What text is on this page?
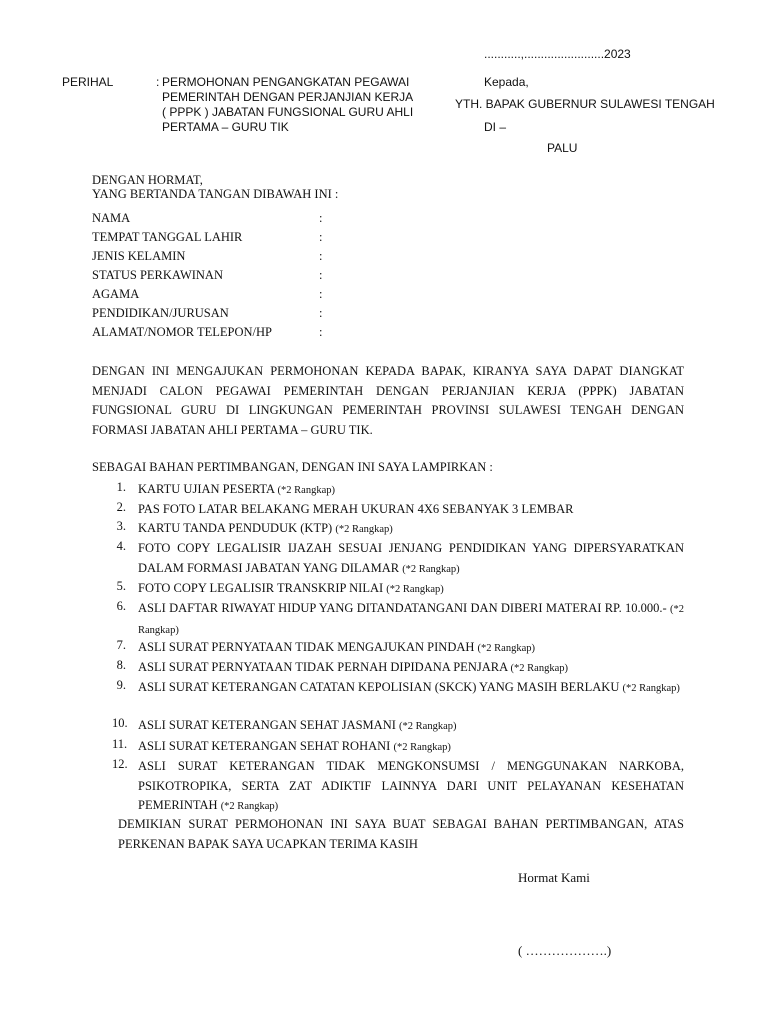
...........,........................2023
PERIHAL	: PERMOHONAN PENGANGKATAN PEGAWAI
PEMERINTAH DENGAN PERJANJIAN KERJA
( PPPK ) JABATAN FUNGSIONAL GURU AHLI
PERTAMA – GURU TIK
Kepada,
YTH. BAPAK GUBERNUR SULAWESI TENGAH
DI –
PALU
DENGAN HORMAT,
YANG BERTANDA TANGAN DIBAWAH INI :
NAMA	:
TEMPAT TANGGAL LAHIR	:
JENIS KELAMIN	:
STATUS PERKAWINAN	:
AGAMA	:
PENDIDIKAN/JURUSAN	:
ALAMAT/NOMOR TELEPON/HP	:
DENGAN INI MENGAJUKAN PERMOHONAN KEPADA BAPAK, KIRANYA SAYA DAPAT DIANGKAT MENJADI CALON PEGAWAI PEMERINTAH DENGAN PERJANJIAN KERJA (PPPK) JABATAN FUNGSIONAL GURU DI LINGKUNGAN PEMERINTAH PROVINSI SULAWESI TENGAH DENGAN FORMASI JABATAN AHLI PERTAMA – GURU TIK.
SEBAGAI BAHAN PERTIMBANGAN, DENGAN INI SAYA LAMPIRKAN :
1. KARTU UJIAN PESERTA (*2 Rangkap)
2. PAS FOTO LATAR BELAKANG MERAH UKURAN 4X6 SEBANYAK 3 LEMBAR
3. KARTU TANDA PENDUDUK (KTP) (*2 Rangkap)
4. FOTO COPY LEGALISIR IJAZAH SESUAI JENJANG PENDIDIKAN YANG DIPERSYARATKAN DALAM FORMASI JABATAN YANG DILAMAR (*2 Rangkap)
5. FOTO COPY LEGALISIR TRANSKRIP NILAI (*2 Rangkap)
6. ASLI DAFTAR RIWAYAT HIDUP YANG DITANDATANGANI DAN DIBERI MATERAI RP. 10.000.- (*2 Rangkap)
7. ASLI SURAT PERNYATAAN TIDAK MENGAJUKAN PINDAH (*2 Rangkap)
8. ASLI SURAT PERNYATAAN TIDAK PERNAH DIPIDANA PENJARA (*2 Rangkap)
9. ASLI SURAT KETERANGAN CATATAN KEPOLISIAN (SKCK) YANG MASIH BERLAKU (*2 Rangkap)
10. ASLI SURAT KETERANGAN SEHAT JASMANI (*2 Rangkap)
11. ASLI SURAT KETERANGAN SEHAT ROHANI (*2 Rangkap)
12. ASLI SURAT KETERANGAN TIDAK MENGKONSUMSI / MENGGUNAKAN NARKOBA, PSIKOTROPIKA, SERTA ZAT ADIKTIF LAINNYA DARI UNIT PELAYANAN KESEHATAN PEMERINTAH (*2 Rangkap)
DEMIKIAN SURAT PERMOHONAN INI SAYA BUAT SEBAGAI BAHAN PERTIMBANGAN, ATAS PERKENAN BAPAK SAYA UCAPKAN TERIMA KASIH
Hormat Kami
( ……………….)
